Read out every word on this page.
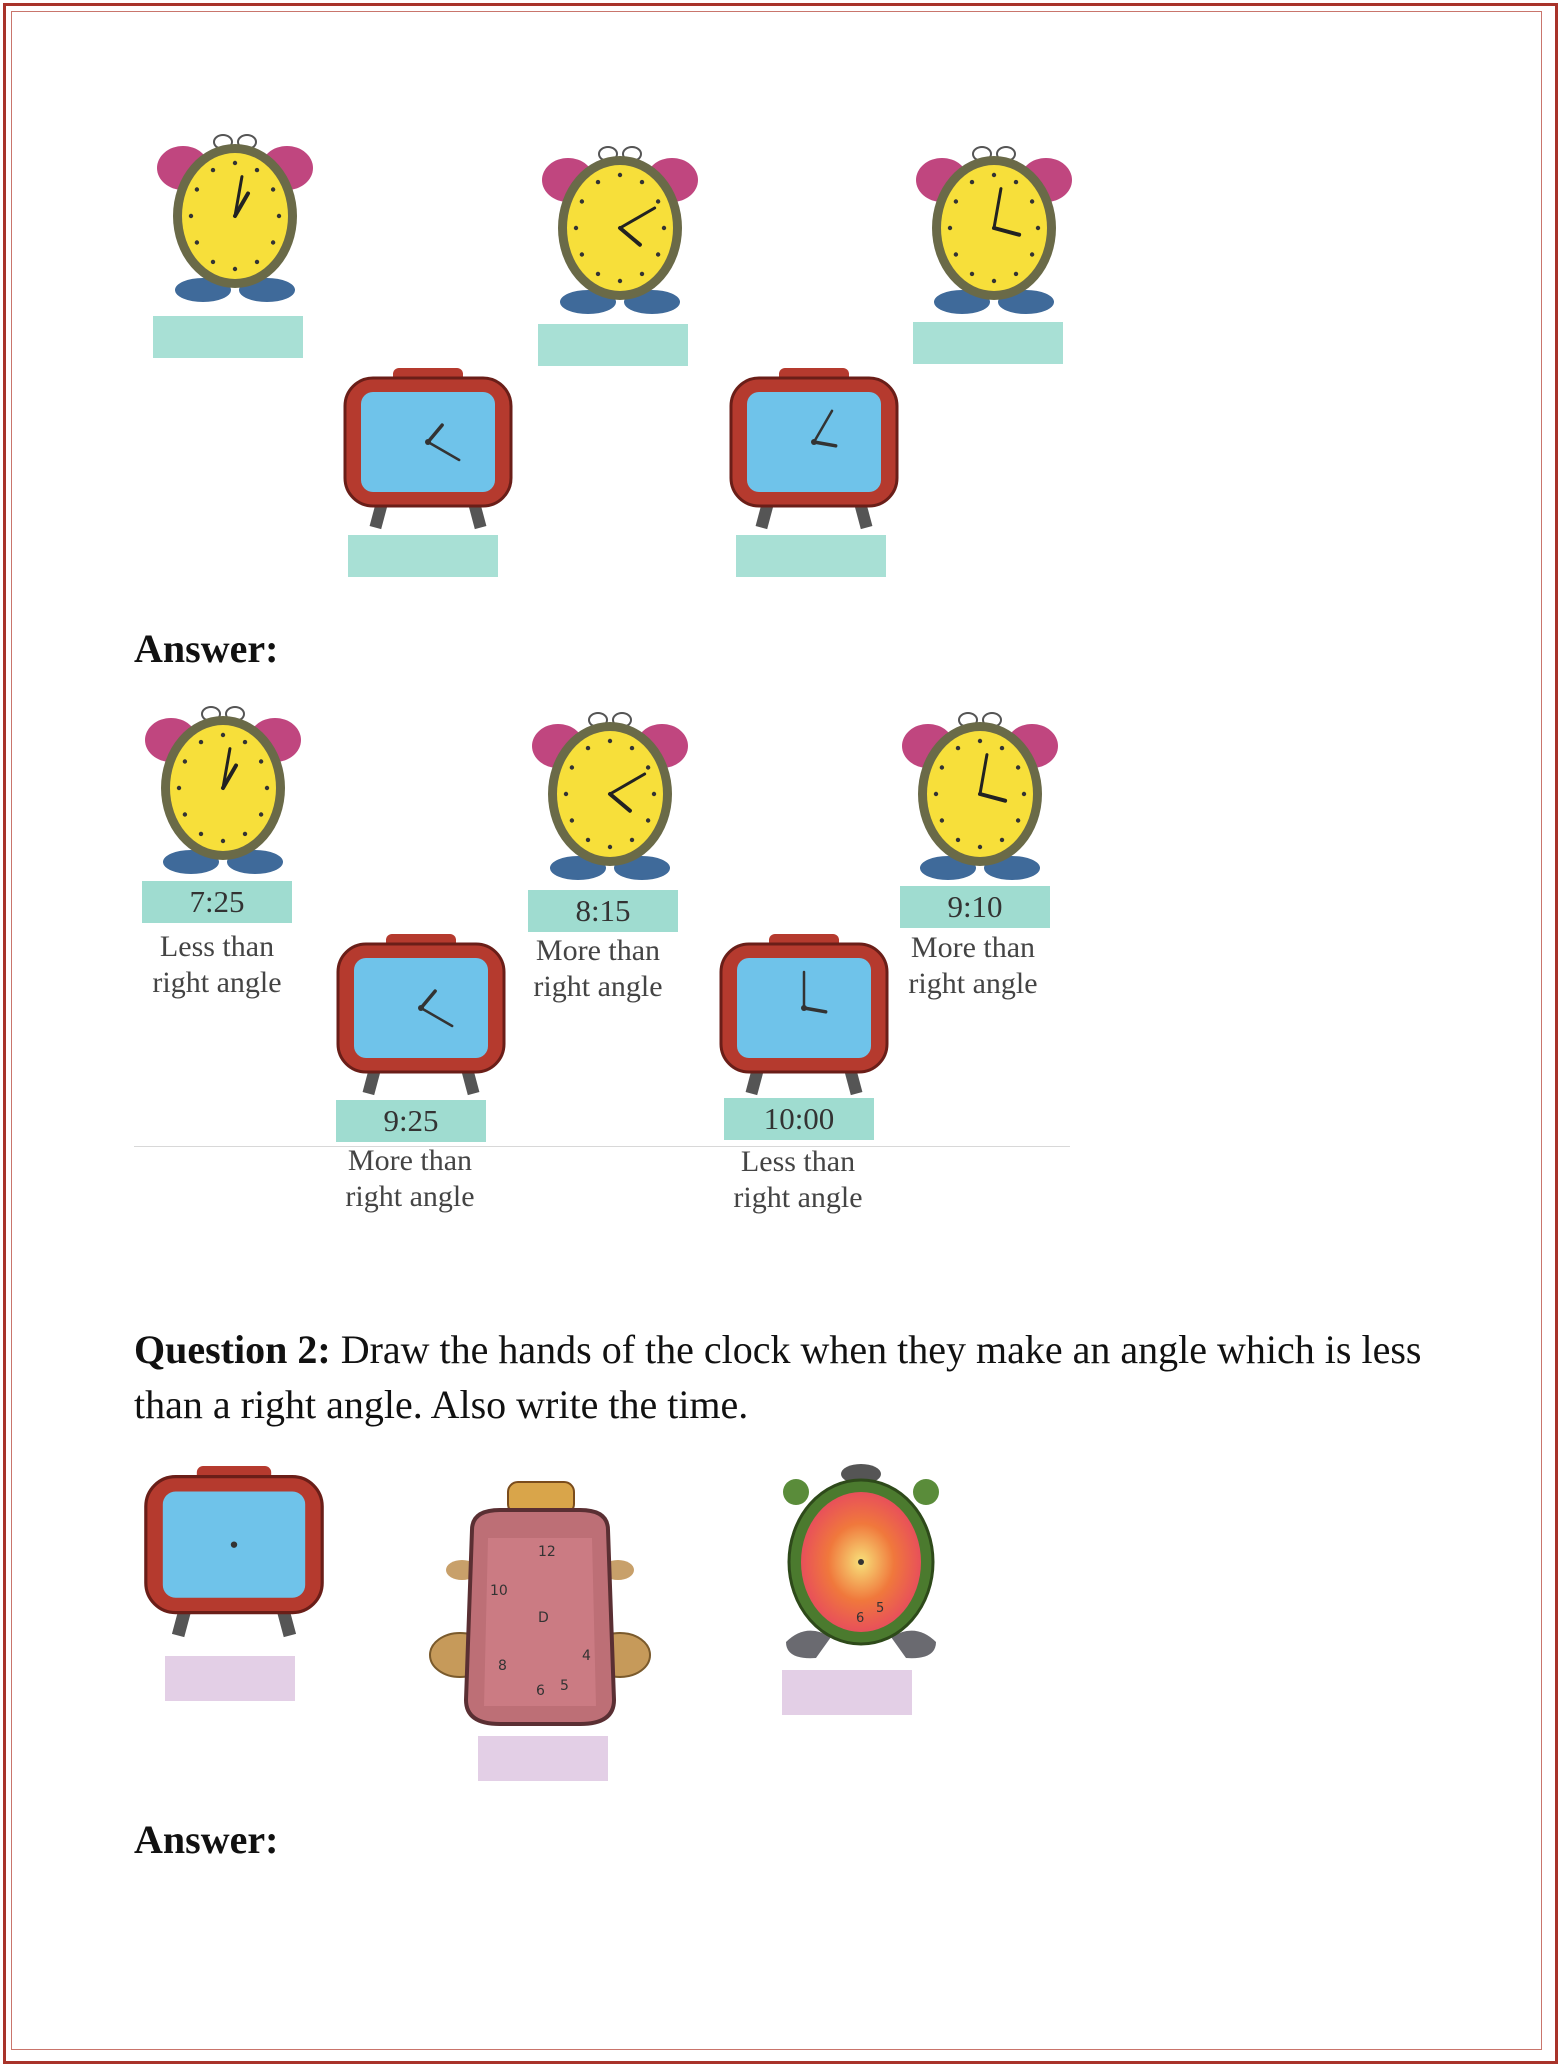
Answer:
7:25
Less than
right angle
8:15
More than
right angle
9:10
More than
right angle
9:25
More than
right angle
10:00
Less than
right angle
Question 2: Draw the hands of the clock when they make an angle which is less than a right angle. Also write the time.
12
10
D
4
5
6
8
6
5
Answer:
